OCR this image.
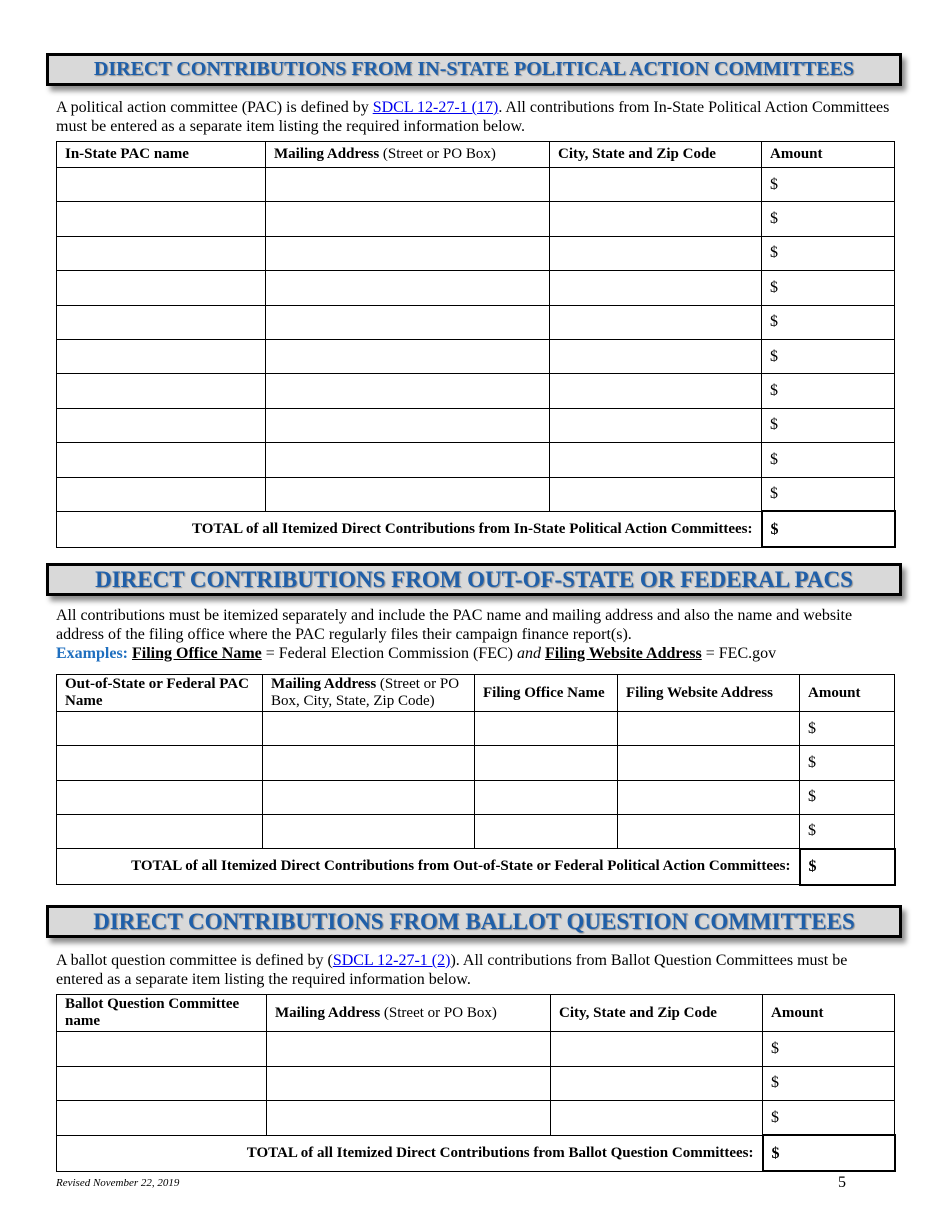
DIRECT CONTRIBUTIONS FROM IN-STATE POLITICAL ACTION COMMITTEES
A political action committee (PAC) is defined by SDCL 12-27-1 (17). All contributions from In-State Political Action Committees must be entered as a separate item listing the required information below.
In-State PAC name	Mailing Address (Street or PO Box)	City, State and Zip Code	Amount
			$
			$
			$
			$
			$
			$
			$
			$
			$
			$
TOTAL of all Itemized Direct Contributions from In-State Political Action Committees:			$
DIRECT CONTRIBUTIONS FROM OUT-OF-STATE OR FEDERAL PACS
All contributions must be itemized separately and include the PAC name and mailing address and also the name and website address of the filing office where the PAC regularly files their campaign finance report(s).
Examples: Filing Office Name = Federal Election Commission (FEC) and Filing Website Address = FEC.gov
Out-of-State or Federal PAC Name	Mailing Address (Street or PO Box, City, State, Zip Code)	Filing Office Name	Filing Website Address	Amount
				$
				$
				$
				$
TOTAL of all Itemized Direct Contributions from Out-of-State or Federal Political Action Committees:				$
DIRECT CONTRIBUTIONS FROM BALLOT QUESTION COMMITTEES
A ballot question committee is defined by (SDCL 12-27-1 (2)). All contributions from Ballot Question Committees must be entered as a separate item listing the required information below.
Ballot Question Committee name	Mailing Address (Street or PO Box)	City, State and Zip Code	Amount
			$
			$
			$
TOTAL of all Itemized Direct Contributions from Ballot Question Committees:			$
Revised November 22, 2019	5
